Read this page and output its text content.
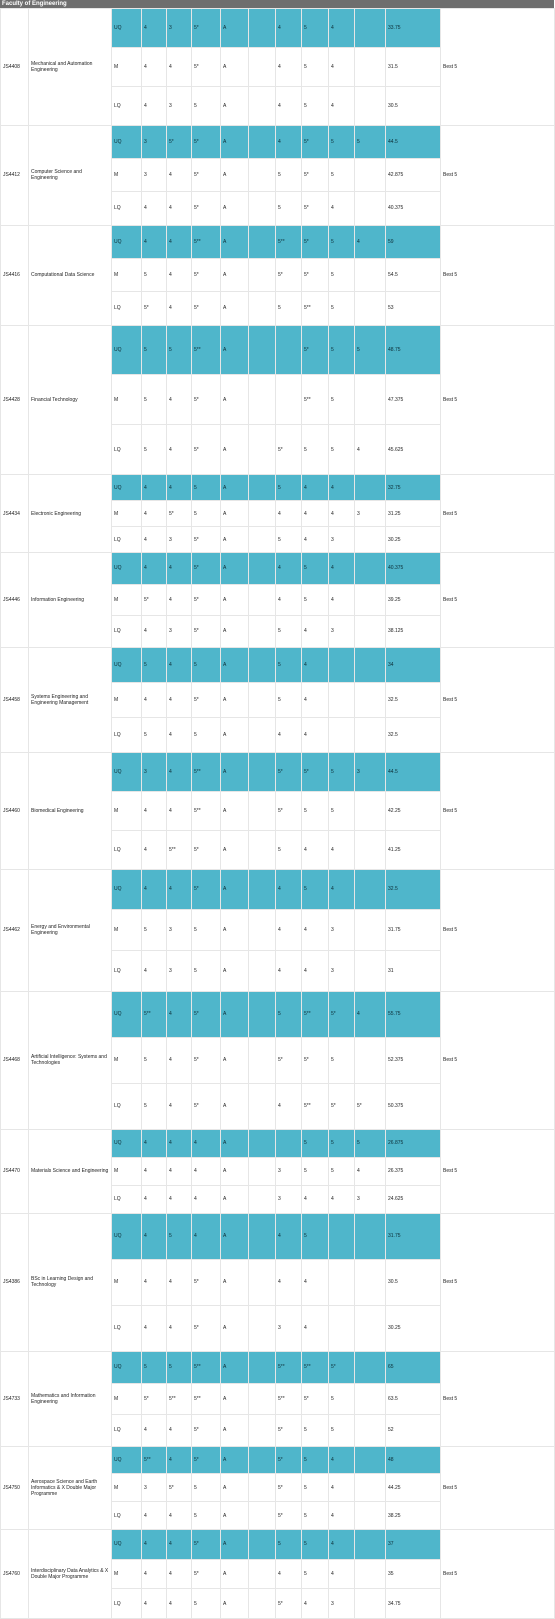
Faculty of Engineering
JS4408	Mechanical and Automation Engineering	UQ	4	3	5*	A		4	5	4		33.75	Best 5	

		M	4	4	5*	A		4	5	4		31.5		
		LQ	4	3	5	A		4	5	4		30.5		
JS4412	Computer Science and Engineering	UQ	3	5*	5*	A		4	5*	5	5	44.5	Best 5	

		M	3	4	5*	A		5	5*	5		42.875		
		LQ	4	4	5*	A		5	5*	4		40.375		
JS4416	Computational Data Science	UQ	4	4	5**	A		5**	5*	5	4	59	Best 5	

		M	5	4	5*	A		5*	5*	5		54.5		
		LQ	5*	4	5*	A		5	5**	5		53		
JS4428	Financial Technology	UQ	5	5	5**	A			5*	5	5	48.75	Best 5	

		M	5	4	5*	A			5**	5		47.375		
		LQ	5	4	5*	A		5*	5	5	4	45.625		
JS4434	Electronic Engineering	UQ	4	4	5	A		5	4	4		32.75	Best 5	

		M	4	5*	5	A		4	4	4	3	31.25		
		LQ	4	3	5*	A		5	4	3		30.25		
JS4446	Information Engineering	UQ	4	4	5*	A		4	5	4		40.375	Best 5	

		M	5*	4	5*	A		4	5	4		39.25		
		LQ	4	3	5*	A		5	4	3		38.125		
JS4458	Systems Engineering and Engineering Management	UQ	5	4	5	A		5	4			34	Best 5	

		M	4	4	5*	A		5	4			32.5		
		LQ	5	4	5	A		4	4			32.5		
JS4460	Biomedical Engineering	UQ	3	4	5**	A		5*	5*	5	3	44.5	Best 5	

		M	4	4	5**	A		5*	5	5		42.25		
		LQ	4	5**	5*	A		5	4	4		41.25		
JS4462	Energy and Environmental Engineering	UQ	4	4	5*	A		4	5	4		32.5	Best 5	

		M	5	3	5	A		4	4	3		31.75		
		LQ	4	3	5	A		4	4	3		31		
JS4468	Artificial Intelligence: Systems and Technologies	UQ	5**	4	5*	A		5	5**	5*	4	55.75	Best 5	

		M	5	4	5*	A		5*	5*	5		52.375		
		LQ	5	4	5*	A		4	5**	5*	5*	50.375		
JS4470	Materials Science and Engineering	UQ	4	4	4	A			5	5	5	26.875	Best 5	

		M	4	4	4	A		3	5	5	4	26.375		
		LQ	4	4	4	A		3	4	4	3	24.625		
JS4386	BSc in Learning Design and Technology	UQ	4	5	4	A		4	5			31.75	Best 5	

		M	4	4	5*	A		4	4			30.5		
		LQ	4	4	5*	A		3	4			30.25		
JS4733	Mathematics and Information Engineering	UQ	5	5	5**	A		5**	5**	5*		65	Best 5	

		M	5*	5**	5**	A		5**	5*	5		63.5		
		LQ	4	4	5*	A		5*	5	5		52		
JS4750	Aerospace Science and Earth Informatics & X Double Major Programme	UQ	5**	4	5*	A		5*	5	4		48	Best 5	

		M	3	5*	5	A		5*	5	4		44.25		
		LQ	4	4	5	A		5*	5	4		38.25		
JS4760	Interdisciplinary Data Analytics & X Double Major Programme	UQ	4	4	5*	A		5	5	4		37	Best 5	

		M	4	4	5*	A		4	5	4		35		
		LQ	4	4	5	A		5*	4	3		34.75		
